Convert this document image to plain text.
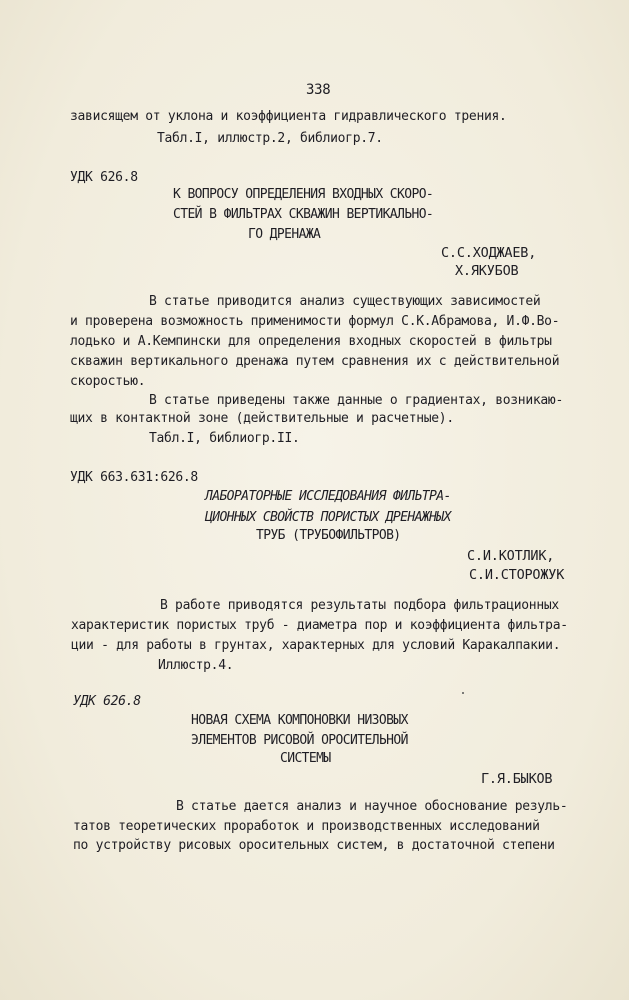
338
зависящем от уклона и коэффициента гидравлического трения.
Табл.I, иллюстр.2, библиогр.7.
УДК 626.8
К ВОПРОСУ ОПРЕДЕЛЕНИЯ ВХОДНЫХ СКОРО-
СТЕЙ В ФИЛЬТРАХ СКВАЖИН ВЕРТИКАЛЬНО-
ГО ДРЕНАЖА
С.С.ХОДЖАЕВ,
Х.ЯКУБОВ
В статье приводится анализ существующих зависимостей
и проверена возможность применимости формул С.К.Абрамова, И.Ф.Во-
лодько и А.Кемпински для определения входных скоростей в фильтры
скважин вертикального дренажа путем сравнения их с действительной
скоростью.
В статье приведены также данные о градиентах, возникаю-
щих в контактной зоне (действительные и расчетные).
Табл.I, библиогр.II.
УДК 663.631:626.8
ЛАБОРАТОРНЫЕ ИССЛЕДОВАНИЯ ФИЛЬТРА-
ЦИОННЫХ СВОЙСТВ ПОРИСТЫХ ДРЕНАЖНЫХ
ТРУБ (ТРУБОФИЛЬТРОВ)
С.И.КОТЛИК,
С.И.СТОРОЖУК
В работе приводятся результаты подбора фильтрационных
характеристик пористых труб - диаметра пор и коэффициента фильтра-
ции - для работы в грунтах, характерных для условий Каракалпакии.
Иллюстр.4.
УДК 626.8
НОВАЯ СХЕМА КОМПОНОВКИ НИЗОВЫХ
ЭЛЕМЕНТОВ РИСОВОЙ ОРОСИТЕЛЬНОЙ
СИСТЕМЫ
Г.Я.БЫКОВ
В статье дается анализ и научное обоснование резуль-
татов теоретических проработок и производственных исследований
по устройству рисовых оросительных систем, в достаточной степени
